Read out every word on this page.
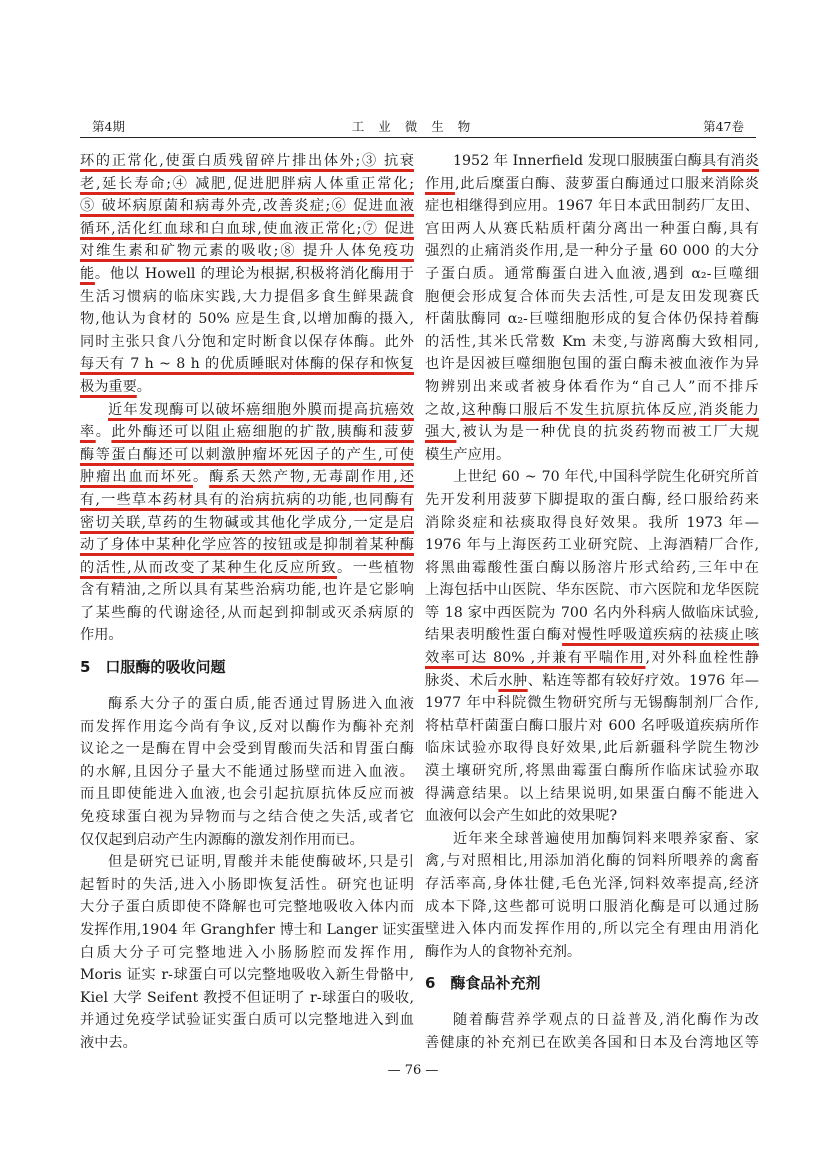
第4期	工业微生物	第47卷
环的正常化,使蛋白质残留碎片排出体外;③ 抗衰
老,延长寿命;④ 减肥,促进肥胖病人体重正常化;
⑤ 破坏病原菌和病毒外壳,改善炎症;⑥ 促进血液
循环,活化红血球和白血球,使血液正常化;⑦ 促进
对维生素和矿物元素的吸收;⑧ 提升人体免疫功
能。他以 Howell 的理论为根据,积极将消化酶用于
生活习惯病的临床实践,大力提倡多食生鲜果蔬食
物,他认为食材的 50% 应是生食,以增加酶的摄入,
同时主张只食八分饱和定时断食以保存体酶。此外
每天有 7 h ~ 8 h 的优质睡眠对体酶的保存和恢复
极为重要。
近年发现酶可以破坏癌细胞外膜而提高抗癌效
率。此外酶还可以阻止癌细胞的扩散,胰酶和菠萝
酶等蛋白酶还可以刺激肿瘤坏死因子的产生,可使
肿瘤出血而坏死。酶系天然产物,无毒副作用,还
有,一些草本药材具有的治病抗病的功能,也同酶有
密切关联,草药的生物碱或其他化学成分,一定是启
动了身体中某种化学应答的按钮或是抑制着某种酶
的活性,从而改变了某种生化反应所致。一些植物
含有精油,之所以具有某些治病功能,也许是它影响
了某些酶的代谢途径,从而起到抑制或灭杀病原的
作用。
5　口服酶的吸收问题
酶系大分子的蛋白质,能否通过胃肠进入血液
而发挥作用迄今尚有争议,反对以酶作为酶补充剂
议论之一是酶在胃中会受到胃酸而失活和胃蛋白酶
的水解,且因分子量大不能通过肠壁而进入血液。
而且即使能进入血液,也会引起抗原抗体反应而被
免疫球蛋白视为异物而与之结合使之失活,或者它
仅仅起到启动产生内源酶的激发剂作用而已。
但是研究已证明,胃酸并未能使酶破坏,只是引
起暂时的失活,进入小肠即恢复活性。研究也证明
大分子蛋白质即使不降解也可完整地吸收入体内而
发挥作用,1904 年 Granghfer 博士和 Langer 证实蛋
白质大分子可完整地进入小肠肠腔而发挥作用,
Moris 证实 r-球蛋白可以完整地吸收入新生骨骼中,
Kiel 大学 Seifent 教授不但证明了 r-球蛋白的吸收,
并通过免疫学试验证实蛋白质可以完整地进入到血
液中去。
1952 年 Innerfield 发现口服胰蛋白酶具有消炎
作用,此后糜蛋白酶、菠萝蛋白酶通过口服来消除炎
症也相继得到应用。1967 年日本武田制药厂友田、
宫田两人从赛氏粘质杆菌分离出一种蛋白酶,具有
强烈的止痛消炎作用,是一种分子量 60 000 的大分
子蛋白质。通常酶蛋白进入血液,遇到 α₂-巨噬细
胞便会形成复合体而失去活性,可是友田发现赛氏
杆菌肽酶同 α₂-巨噬细胞形成的复合体仍保持着酶
的活性,其米氏常数 Km 未变,与游离酶大致相同,
也许是因被巨噬细胞包围的蛋白酶未被血液作为异
物辨别出来或者被身体看作为“自己人”而不排斥
之故,这种酶口服后不发生抗原抗体反应,消炎能力
强大,被认为是一种优良的抗炎药物而被工厂大规
模生产应用。
上世纪 60 ~ 70 年代,中国科学院生化研究所首
先开发利用菠萝下脚提取的蛋白酶, 经口服给药来
消除炎症和祛痰取得良好效果。我所 1973 年—
1976 年与上海医药工业研究院、上海酒精厂合作,
将黑曲霉酸性蛋白酶以肠溶片形式给药,三年中在
上海包括中山医院、华东医院、市六医院和龙华医院
等 18 家中西医院为 700 名内外科病人做临床试验,
结果表明酸性蛋白酶对慢性呼吸道疾病的祛痰止咳
效率可达 80% ,并兼有平喘作用,对外科血栓性静
脉炎、术后水肿、粘连等都有较好疗效。1976 年—
1977 年中科院微生物研究所与无锡酶制剂厂合作,
将枯草杆菌蛋白酶口服片对 600 名呼吸道疾病所作
临床试验亦取得良好效果,此后新疆科学院生物沙
漠土壤研究所,将黑曲霉蛋白酶所作临床试验亦取
得满意结果。以上结果说明,如果蛋白酶不能进入
血液何以会产生如此的效果呢?
近年来全球普遍使用加酶饲料来喂养家畜、家
禽,与对照相比,用添加消化酶的饲料所喂养的禽畜
存活率高,身体壮健,毛色光泽,饲料效率提高,经济
成本下降,这些都可说明口服消化酶是可以通过肠
壁进入体内而发挥作用的,所以完全有理由用消化
酶作为人的食物补充剂。
6　酶食品补充剂
随着酶营养学观点的日益普及,消化酶作为改
善健康的补充剂已在欧美各国和日本及台湾地区等
— 76 —
